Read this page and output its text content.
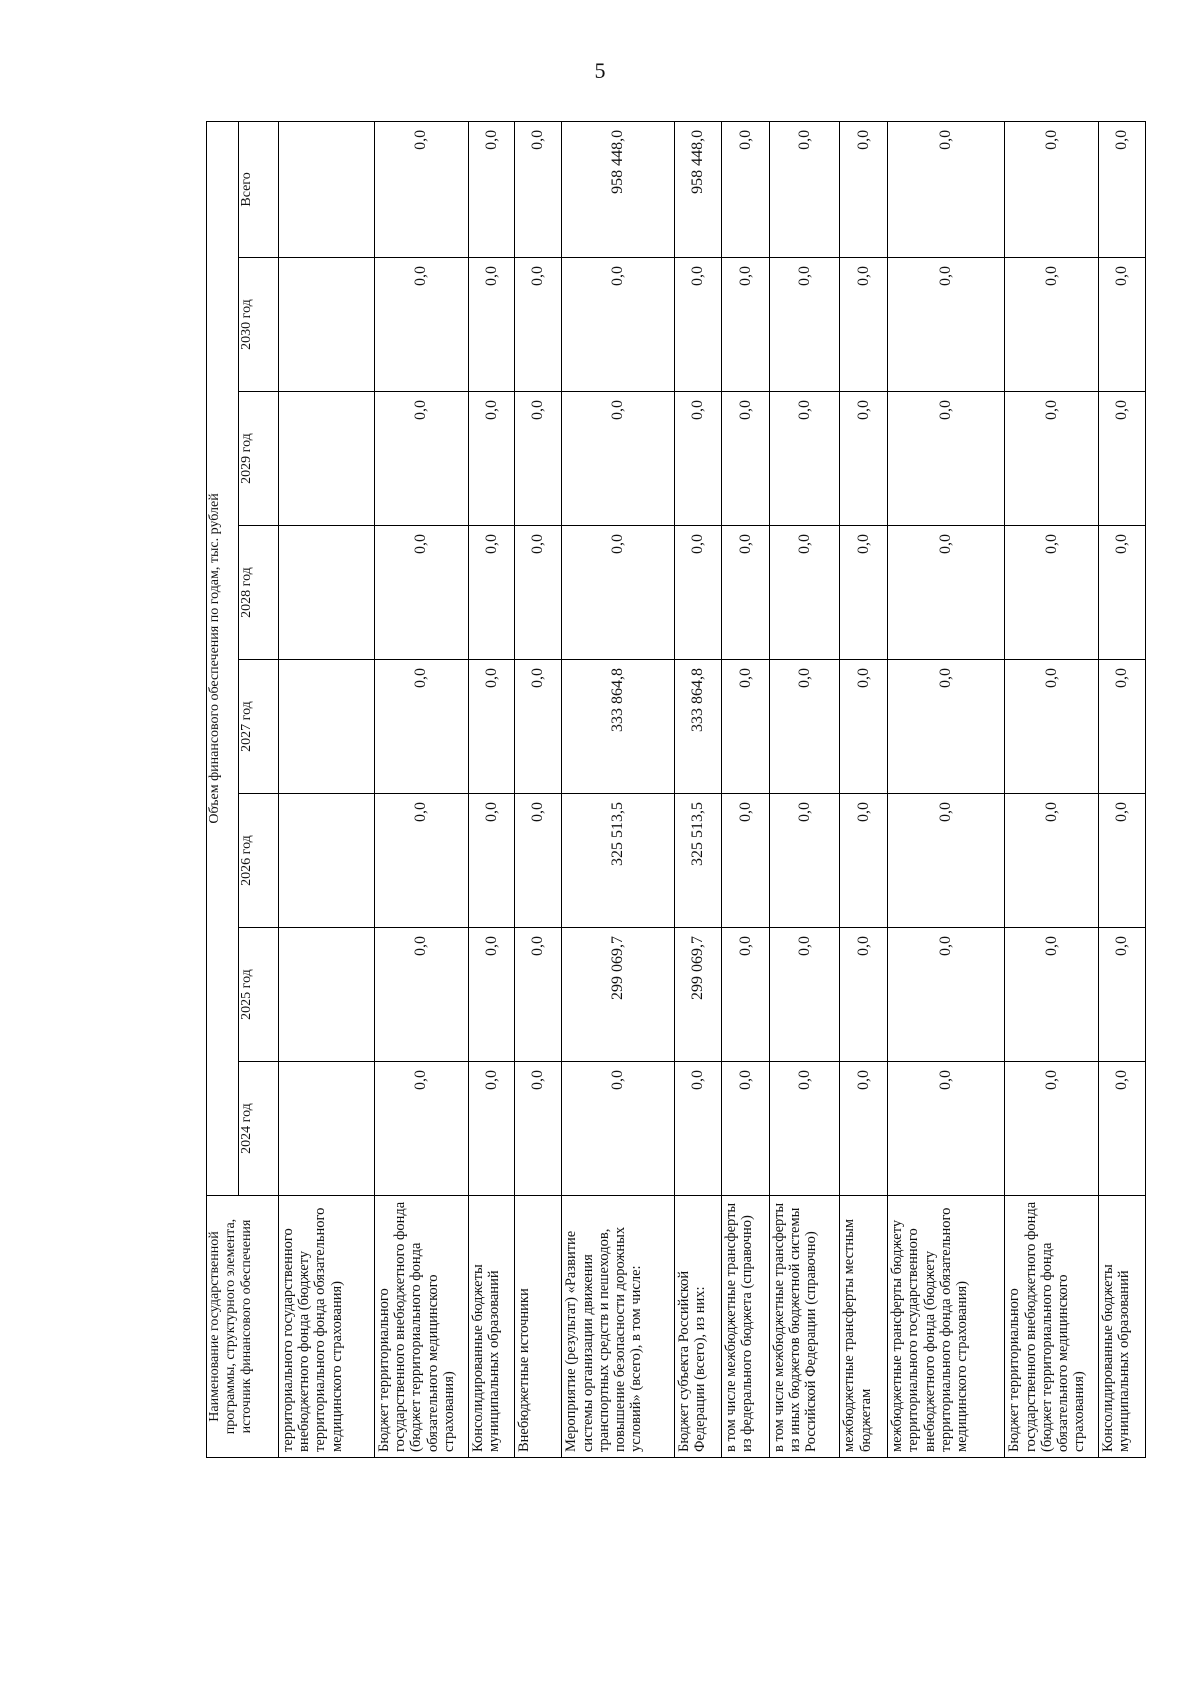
5
Наименование государственной программы, структурного элемента, источник финансового обеспечения	Объем финансового обеспечения по годам, тыс. рублей							
	2024 год	2025 год	2026 год	2027 год	2028 год	2029 год	2030 год	Всего
территориального государственного внебюджетного фонда (бюджету территориального фонда обязательного медицинского страхования)								
Бюджет территориального государственного внебюджетного фонда (бюджет территориального фонда обязательного медицинского страхования)	0,0	0,0	0,0	0,0	0,0	0,0	0,0	0,0
Консолидированные бюджеты муниципальных образований	0,0	0,0	0,0	0,0	0,0	0,0	0,0	0,0
Внебюджетные источники	0,0	0,0	0,0	0,0	0,0	0,0	0,0	0,0
Мероприятие (результат) «Развитие системы организации движения транспортных средств и пешеходов, повышение безопасности дорожных условий» (всего), в том числе:	0,0	299 069,7	325 513,5	333 864,8	0,0	0,0	0,0	958 448,0
Бюджет субъекта Российской Федерации (всего), из них:	0,0	299 069,7	325 513,5	333 864,8	0,0	0,0	0,0	958 448,0
в том числе межбюджетные трансферты из федерального бюджета (справочно)	0,0	0,0	0,0	0,0	0,0	0,0	0,0	0,0
в том числе межбюджетные трансферты из иных бюджетов бюджетной системы Российской Федерации (справочно)	0,0	0,0	0,0	0,0	0,0	0,0	0,0	0,0
межбюджетные трансферты местным бюджетам	0,0	0,0	0,0	0,0	0,0	0,0	0,0	0,0
межбюджетные трансферты бюджету территориального государственного внебюджетного фонда (бюджету территориального фонда обязательного медицинского страхования)	0,0	0,0	0,0	0,0	0,0	0,0	0,0	0,0
Бюджет территориального государственного внебюджетного фонда (бюджет территориального фонда обязательного медицинского страхования)	0,0	0,0	0,0	0,0	0,0	0,0	0,0	0,0
Консолидированные бюджеты муниципальных образований	0,0	0,0	0,0	0,0	0,0	0,0	0,0	0,0
